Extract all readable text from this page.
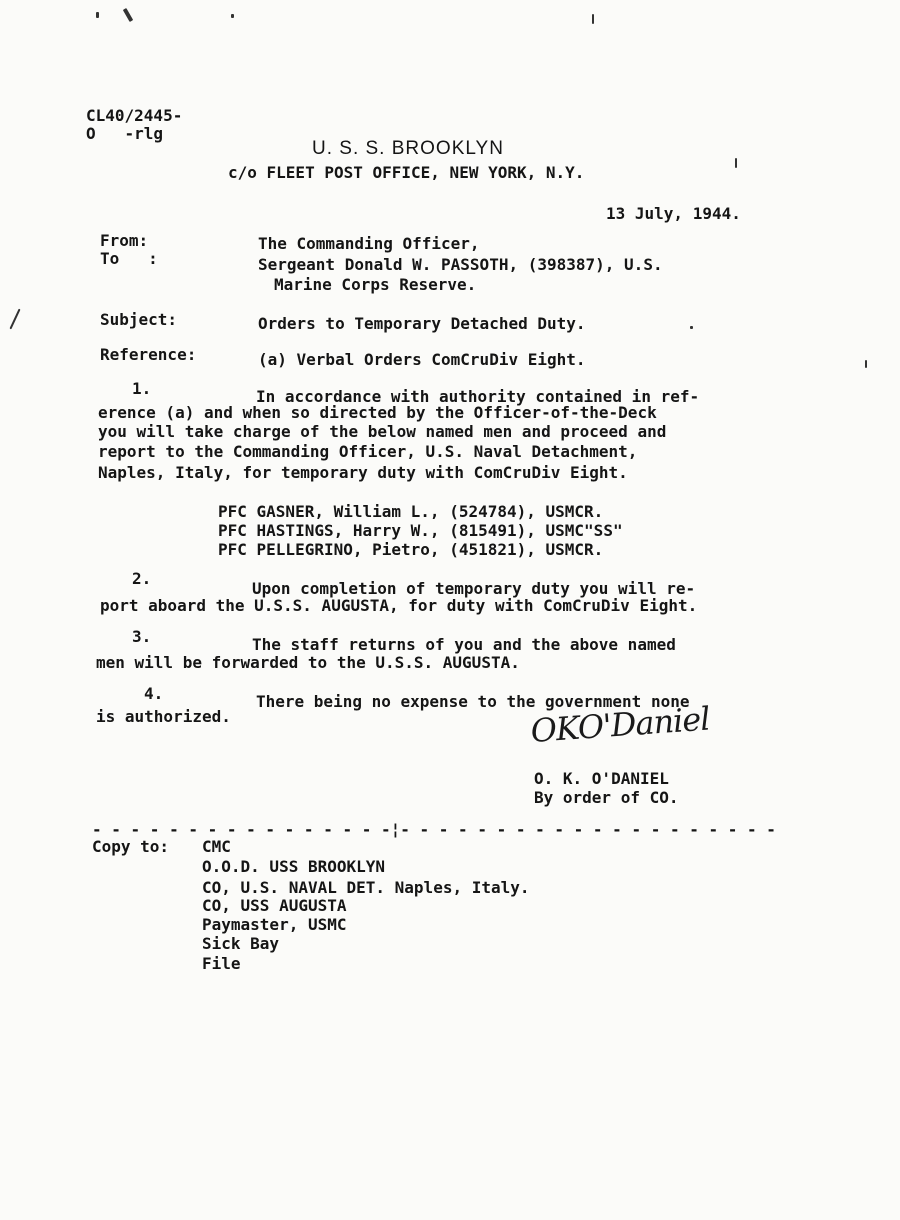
CL40/2445-
O   -rlg
U. S. S. BROOKLYN
c/o FLEET POST OFFICE, NEW YORK, N.Y.
13 July, 1944.
From:	The Commanding Officer,
To   :	Sergeant Donald W. PASSOTH, (398387), U.S.
Marine Corps Reserve.
Subject:	Orders to Temporary Detached Duty.
Reference:	(a) Verbal Orders ComCruDiv Eight.
1.	In accordance with authority contained in ref-
erence (a) and when so directed by the Officer-of-the-Deck
you will take charge of the below named men and proceed and
report to the Commanding Officer, U.S. Naval Detachment,
Naples, Italy, for temporary duty with ComCruDiv Eight.
PFC GASNER, William L., (524784), USMCR.
PFC HASTINGS, Harry W., (815491), USMC"SS"
PFC PELLEGRINO, Pietro, (451821), USMCR.
2.
Upon completion of temporary duty you will re-
port aboard the U.S.S. AUGUSTA, for duty with ComCruDiv Eight.
3.	The staff returns of you and the above named
men will be forwarded to the U.S.S. AUGUSTA.
4.	There being no expense to the government none
is authorized.	OKO'Daniel
O. K. O'DANIEL
By order of CO.
- - - - - - - - - - - - - - - -¦- - - - - - - - - - - - - - - - - - - -
Copy to: CMC
O.O.D. USS BROOKLYN
CO, U.S. NAVAL DET. Naples, Italy.
CO, USS AUGUSTA
Paymaster, USMC
Sick Bay
File
